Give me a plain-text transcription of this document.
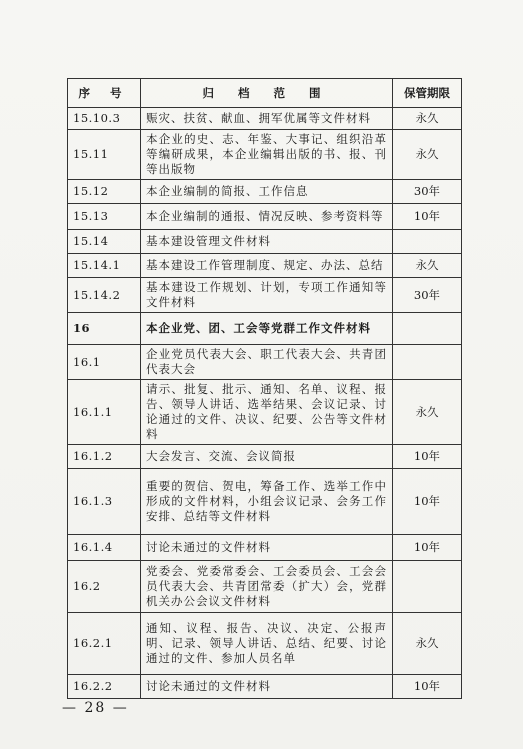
序 号	归 档 范 围	保管期限
15.10.3	赈灾、扶贫、献血、拥军优属等文件材料	永久
15.11	本企业的史、志、年鉴、大事记、组织沿革等编研成果，本企业编辑出版的书、报、刊等出版物	永久
15.12	本企业编制的简报、工作信息	30年
15.13	本企业编制的通报、情况反映、参考资料等	10年
15.14	基本建设管理文件材料	
15.14.1	基本建设工作管理制度、规定、办法、总结	永久
15.14.2	基本建设工作规划、计划，专项工作通知等文件材料	30年
16	本企业党、团、工会等党群工作文件材料	
16.1	企业党员代表大会、职工代表大会、共青团代表大会	
16.1.1	请示、批复、批示、通知、名单、议程、报告、领导人讲话、选举结果、会议记录、讨论通过的文件、决议、纪要、公告等文件材料	永久
16.1.2	大会发言、交流、会议简报	10年
16.1.3	重要的贺信、贺电，筹备工作、选举工作中形成的文件材料，小组会议记录、会务工作安排、总结等文件材料	10年
16.1.4	讨论未通过的文件材料	10年
16.2	党委会、党委常委会、工会委员会、工会会员代表大会、共青团常委（扩大）会，党群机关办公会议文件材料	
16.2.1	通知、议程、报告、决议、决定、公报声明、记录、领导人讲话、总结、纪要、讨论通过的文件、参加人员名单	永久
16.2.2	讨论未通过的文件材料	10年
— 28 —
